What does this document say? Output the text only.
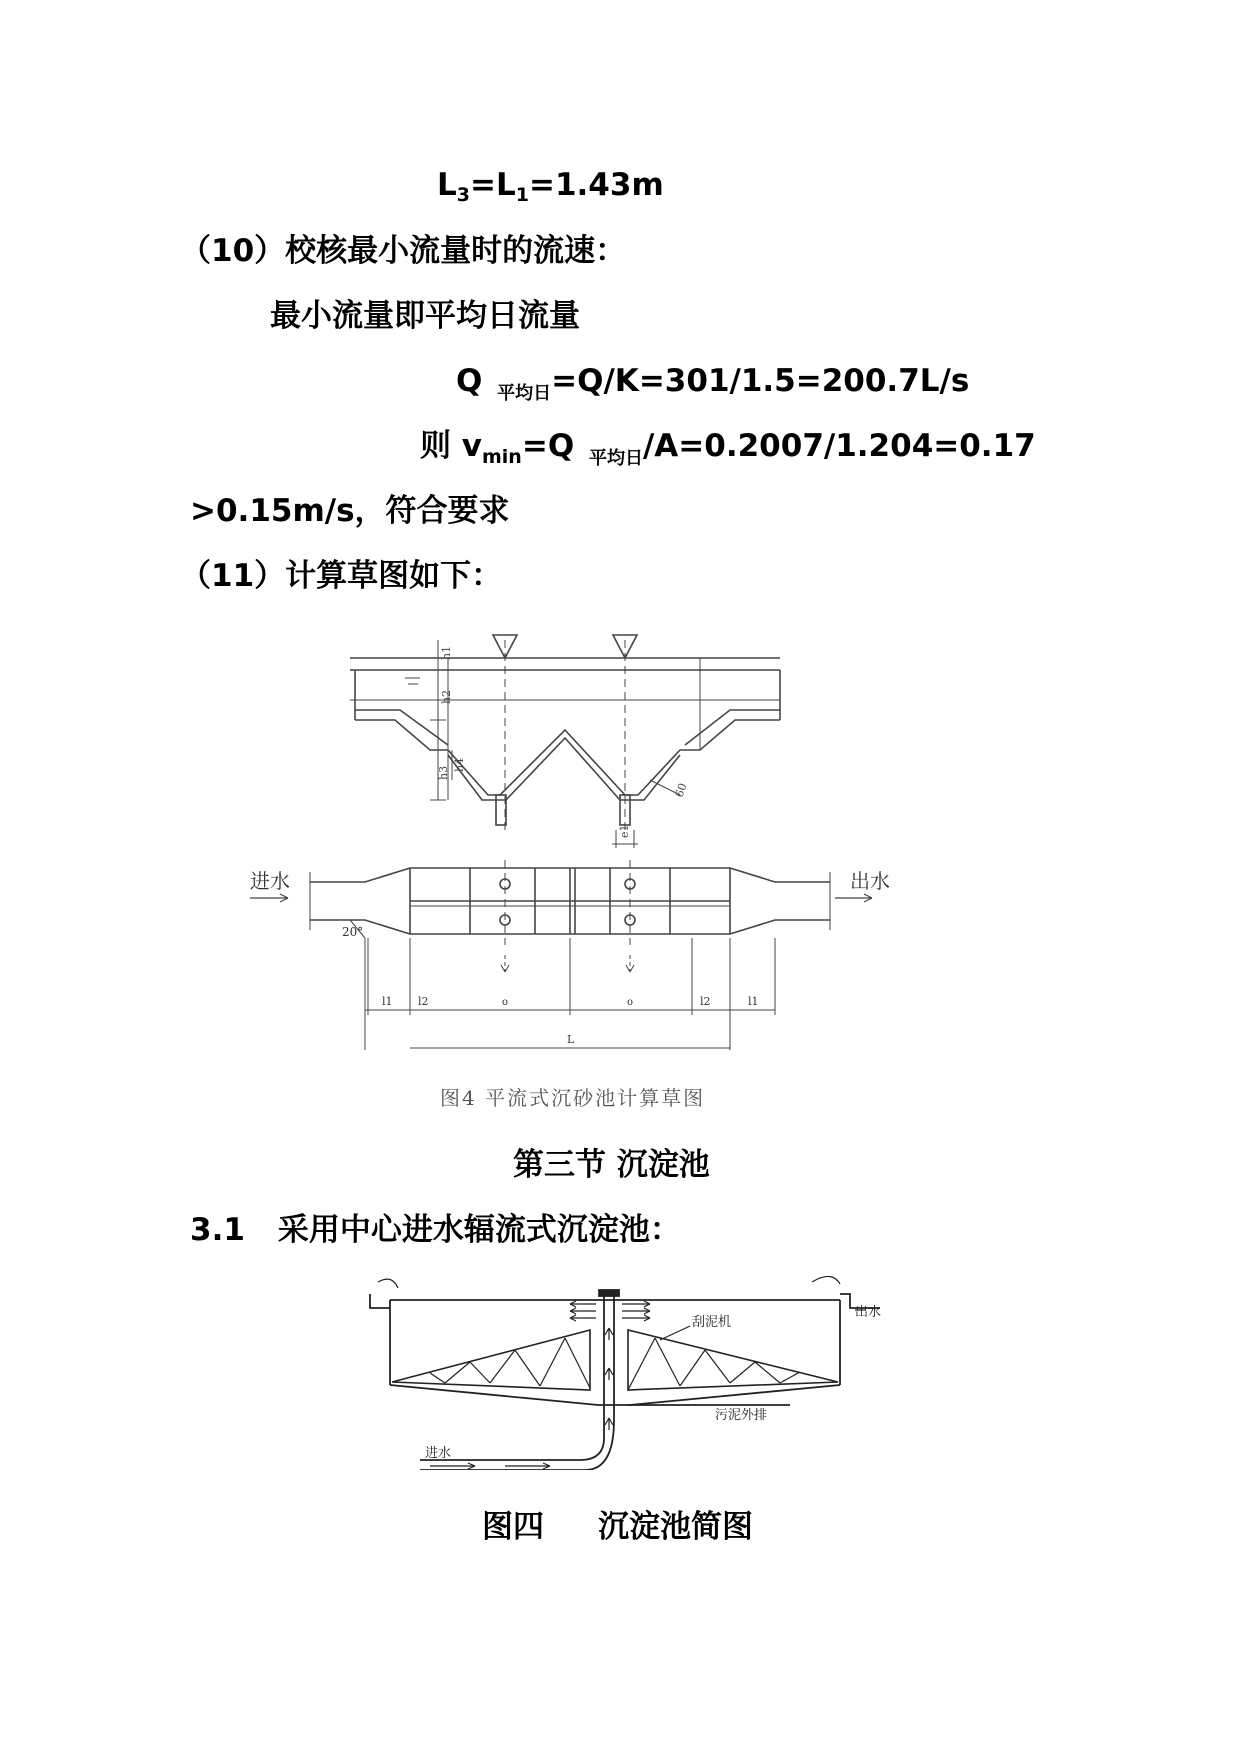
$L_3=L_1=1.43m$
（10）校核最小流量时的流速：
最小流量即平均日流量
Q $_{平均日}$=Q/K=301/1.5=200.7L/s
则 $v_{min}=Q$ $_{平均日}$/A=0.2007/1.204=0.17
>0.15m/s，符合要求
（11）计算草图如下：
h1
h2
h3
h4
60
e1
进水	出水
20°
l1 l2	l2	l1
o	o
L
图4 平流式沉砂池计算草图
第三节 沉淀池
3.1 采用中心进水辐流式沉淀池：
刮泥机
出水
污泥外排
进水
图四     沉淀池简图
